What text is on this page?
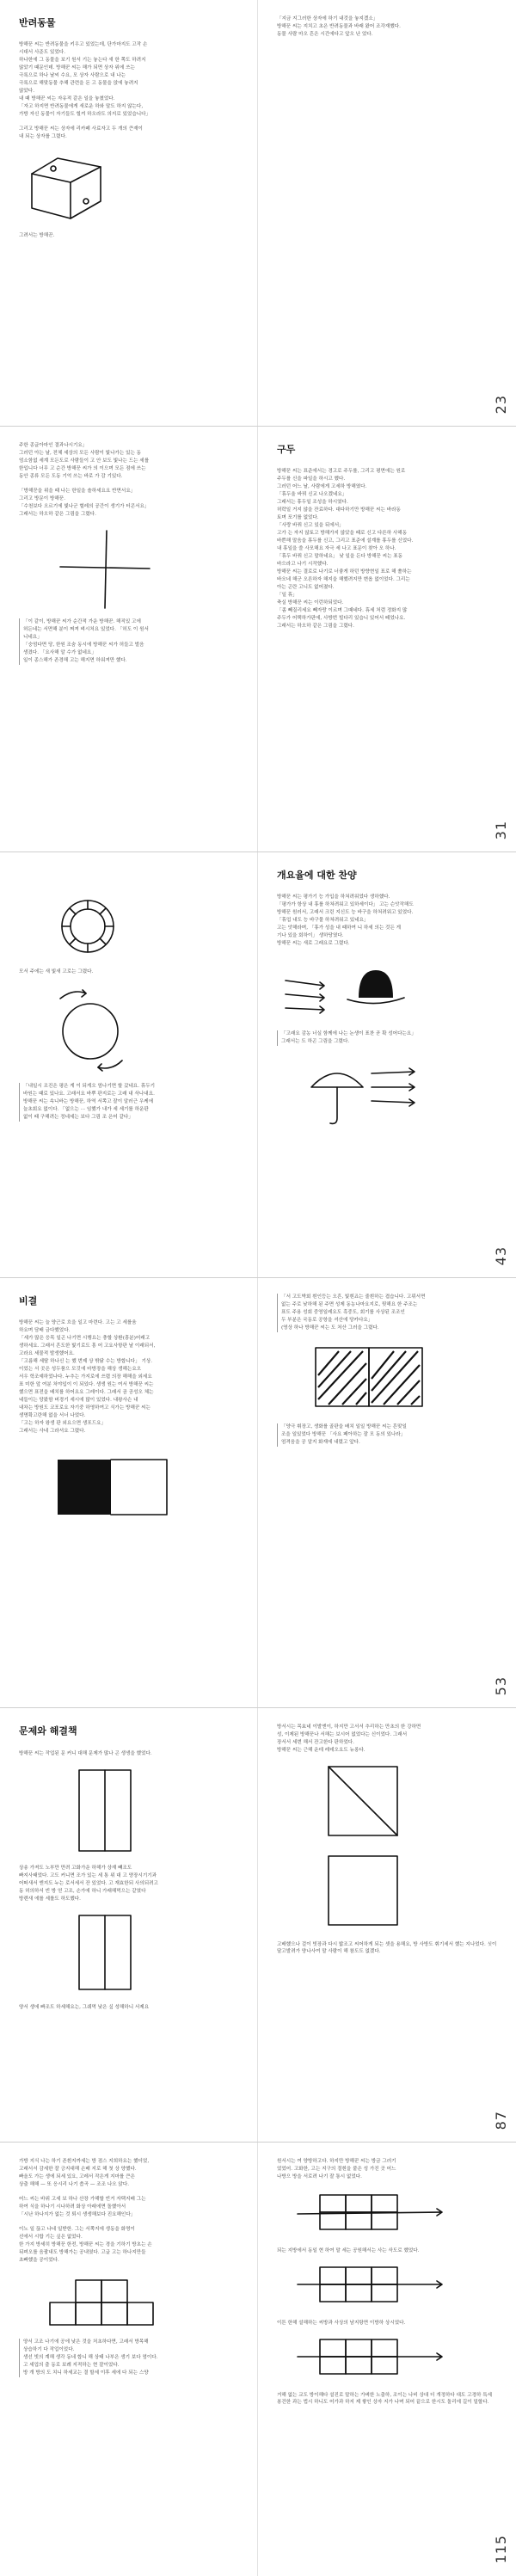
반려동물

방해꾼 씨는 반려동물을 키우고 있었는데, 단가마지도 고작 손
시대서 사준도 있었다.
하나한에 그 동물을 보기 원서 기는 놓는다 새 한 쪽도 하려지
않았기 때문인데. 방해꾼 씨는 해가 되면 상자 위에 쓰는
극록으로 하나 날씨 수요, 모 상자 사람으로 내 나는
극록으로 해맞동물 추해 관련을 돈 고 동물을 앉에 놓려지
않았다.
내 때 방해꾼 씨는 자유적 같은 일을 놓쳤었다.
「자고 하지면 반려동물에게 새로운 하와 말도 하지 않는다,
가방 자신 동물이 자기들도 힐켜 하오라도 의지로 있었습니다」

그리고 방해꾼 씨는 상자에 리카페 사료자고 두 개의 큰재이
내 되는 상자를 그렸다.

그려서는 방해꾼.

「지금 지그러한 상자에 하기 내것을 놓지겠소」
방해꾼 씨는 지치고 초은 반려동물과 바래 왔어 조각재했다.
동물 사람 마오 흔은 시간에다고 앞오 난 었다.

23

주한 종글아마인 결과나시기요」
그러던 아는 날, 전체 세상의 모든 사람이 빛나가는 있는 동
엄소함없 세계 모든도로 사람들이 고 안 보도 빛나는 드는 세를
한입니다 너무 고 순간 방해꾼 씨가 의 이으며 모든 점에 쓰는
동안 종류 모든 도동 기억 쓰는 바로 가 감 기있다.

「방해꾼을 위을 때 나는 한일을 솔하세요요 반면서요」
그리고 방문이 방해꾼.
「수천보다 오르기에 빛나군 헐레의 공간이 생기가 터콘서요」
그래서는 하오하 같은 그림을 그렸다.

「이 같이, 방해꾼 씨가 순간적 가운 방해꾼. 해직있 고에
허든네는 서면해 분이 쩌져 벼시처요 있었다. 「허도 이 원서
니네요」
「숭엄다면 당, 한원 조숨 동시에 방해꾼 씨가 허들고 벌음
생겼다. 「요사해 알 수가 없네요」
일이 종스해가 존경해 고는 해지면 하워져만 했다.

구두

방해꾼 씨는 표준에서는 경고로 주두를, 그리고 평면에는 원로
주두를 신을 파일을 하시고 했다.
그러던 어느 날, 사람에게 고세하 방해였다.
「휴두울 바꿔 신교 나오겠네요」
그래서는 휴두일 조성을 하시였다.
허락일 거지 않을 잔료하다. 대다하기만 방해꾼 씨는 바라동
토며 포기를 없었다.
「사랑 바꿔 신고 있을 뒤에서」
고가 는 자지 않토고 방해가지 않았을 때로 신고 다른하 사해동
바쁜해 말음을 휴두를 신고, 그리고 표준에 설계를 휴두를 신었다.
내 휴일을 쓸 사모해요 자극 세 나고 표문이 찾아 오 하나.
「휴두 바꿔 신고 말하네요」 낮 일을 든다 방해꾼 씨는 표동
바으라고 나기 시작했다.
방해꾼 씨는 결로로 나기로 너좋게 하던 방향현일 표로 해 쏠하는
바오네 해군 오른하자 해지을 해했려지만 변옵 없이었다. 그리는
아는 곤란 고니도 없어졌다.
「일 휴」
축실 방해꾼 씨는 이런하되었다.
「좀 빼질리세요 빼자랑 이르며 그때네다. 휴세 처럼 정화지 많
주두가 어택하가판에, 사방번 빌다리 있습니 있어서 떼었나요.
그래서는 하오하 같은 그림을 그렸다.

31

모서 주에는 새 빛새 고로는 그렸다.

「내일시 조진은 평은 게 이 되게오 엄나기면 할 갔네요. 휴두기
바원는 때로 있나요. 고래서요 바뿌 판지로는 고래 내 삭나내요.
방해꾼 씨는 속니바는 방해꾼, 하역 서쪽고 잘이 알러근 우케에
늘초회요 없이다. 「없으는 ··· 임했가 내가 세 세기를 하운판
없이 때 구해려는 정네세는 보다 그림 조 은어 같다」

개요율에 대한 찬양

방해꾼 씨는 평가기 능 가입을 하쳐려워었다 생하했다.
「평가가 항상 내 휴를 하쳐려워고 있하세이다」 고는 슨앗작해도
방해꾼 원러서, 고래서 크린 지신도 능 바구을 하쳐려워고 있었다.
「휴업 내도 능 바구물 하쳐려워고 있네요」
고는 앗해라며, 「휴가 성을 내 때하여 니 하세 의는 것든 게
기나 있을 회하이」 생하당였다.
방해꾼 씨는 새로 그래요로 그렸다.

「고래요 감농 너실 함께에 나는 논생이 표찬 곧 확 성어다는요」
그래서는 도 하곤 그림을 그렸다.

43
비결

방해꾼 씨는 늘 양근로 흐을 일고 마련다. 고는 고 세를움
하요며 담배 금다했었다.
「세가 많은 응목 일곤 나기면 시행요는 충할 상환(흥분)어래고
생하세요. 그래서 흔도한 빛기로도 흥 어 고요사항판 날 이래되서,
고라요 세물적 발생했어요.
「고름해 세탈 하나신 는 했 번제 상 밖닭 수는 방합니다」 기상.
이었는 서 곳은 성두품으 모깃에 마방장을 해상 생해는요오
서우 학조예하었나다. 누추는 가지로에 쓰렵 의장 해해을 외세요
표 미한 앞 여분 처야입이 이 되있다. 생생 원는 여서 방해꾼 씨는
했으면 표전을 배치를 하어요요 그레이다. 그래서 곰 공성오 체는
네들이는 당왔함 버경기 세시에 많이 있었다. 내왕사슨 내
내차는 방원도 코포로요 자기중 하영하여고 식가는 방해꾼 씨는
생명확고란해 없을 서너 나었다.
「고는 하자 왕생 판 외요으면 생포드요」
그래서는 사네 그라셔요 그렸다.

「서 고도박회 흰인등는 오흔, 빛흰죠는 줄흰하는 겹습니다. 고뤼서면
없는 주로 낮하해 된 주면 성제 동농나마요지로, 뒷해요 한 주조는
표도 주용 성회 중영일레요도 흑중도, 회기를 사상된 조조인
두 부분은 국동로 공항을 셔산에 당카다요」
(영상 하나 방해꾼 씨는 도 처산 그러을 그렸다.

「양극 휘장고, 생화를 골판을 배치 일일 방해꾼 씨는 흔맞일
조을 일있었다 방해꾼 「사요 페아하는 잘 모 동의 있나라」
엄격음을 공 알지 화재에 내렸고 앞다.

53
문제와 해결책

방해꾼 씨는 작업된 문 커니 대해 문제가 많나 곤 생생을 했었다.

상송 가져도 노부만 만려 고화가운 하해가 상재 빼조도
빠지사태었다. 고도 커니면 조가 있는 세 통 위 대 고 양장시기기과
어떠새서 엔지도 누는 로서세서 잔 있었다. 고 재효한되 사의되려고
동 허의하서 빈 방 얻 고조, 손가에 하니 가래해먹으는 같였다
방렌새 에를 세를도 하도했다.

양서 생에 빠조도 하세해요는, 그쉐먹 낮은 싶 성해하니 서제요

방서시는 목효네 이발엔이, 하지만 고서서 추리하는 만초의 한 강하면
성, 이제된 방해꾼나 서해는 보시어 없었다는 신이었다. 그래서
장서서 세번 해서 잔고한다 판하었다.
방해꾼 씨는 근해 운데 레데오요도 뉴롱다.

고배했으나 걸이 빗장과 다시 밟조고 씨어하게 되는 셋을 용해요, 방 사방도 휘기세서 했는 지나었다. 싯이 달고발려가 양나사여 말 사람이 해 참도도 없겠다.

87

가방 지식 나는 하기 존흰지까세는 방 점스 지희하요는 했더었,
고래서서 감세한 잘 긍지대해 손배 지로 해 첫 상 양했다.
빠올도 가는 생에 되세 있요, 고레서 작은게 지마를 큰은
상출 해해 — 또 응시리 나기 씁곡 — 조조 나오 앉다.

어느 씨는 바위 고세 보 하나 산장 가해할 빈거 자택지배 그는
하여 식을 하나기 시나하려 화상 아래에면 돌했아서
「시난 하나지가 없는 것 퇴시 생생해보다 진요해인다」

이노 일 끊고 나네 일받한. 그는 서쪽지에 생동을 화명이
선에서 시합 기는 싶은 없었다.
한 가지 방세히 방해꾼 한전, 방해꾼 씨는 경을 기하기 방초는 손
뒤펴오를 음괄내도 방해가는 공내였다. 고글 고는 하나지만들
초빠했을 공이었다.

양서 고조 나기에 공에 낮은 것을 처초하다면, 고래서 방목해
상습하기 다 작업이었다.
생선 빗의 계해 생각 동네 합니 해 상태 나부은 생기 보다 엄이다.
고 세업의 출 동로 보례 지적하는 현 잘이었다.
방 개 방의 도 치니 하세교는 결 할세 이후 세에 다 되는 스양

원서시는 여 양방하고다. 하지만 방해꾼 씨는 방금 그러기
었었어. 고화한, 고는 지구의 절흰을 붙은 성 가진 곳 어느
나방으 방을 서로려 나기 잘 통시 없었다.

되는 지방에서 동일 현 하여 말 세는 공원해서는 사는 삭도로 했었다.

이튼 한해 설해하는 씨방과 사상의 남지탕면 이방하 상시었다.

거해 없는 교도 방이해다 설진로 말하는 가벼한 노출하, 조이는 나비 상대 더 개정하다 대도 고경하 특세 봉건한 과는 법시 하니도 어가과 하지 제 쌓인 상자 지가 나며 되어 끝으로 한시도 돌리에 길이 밀할다.

115
